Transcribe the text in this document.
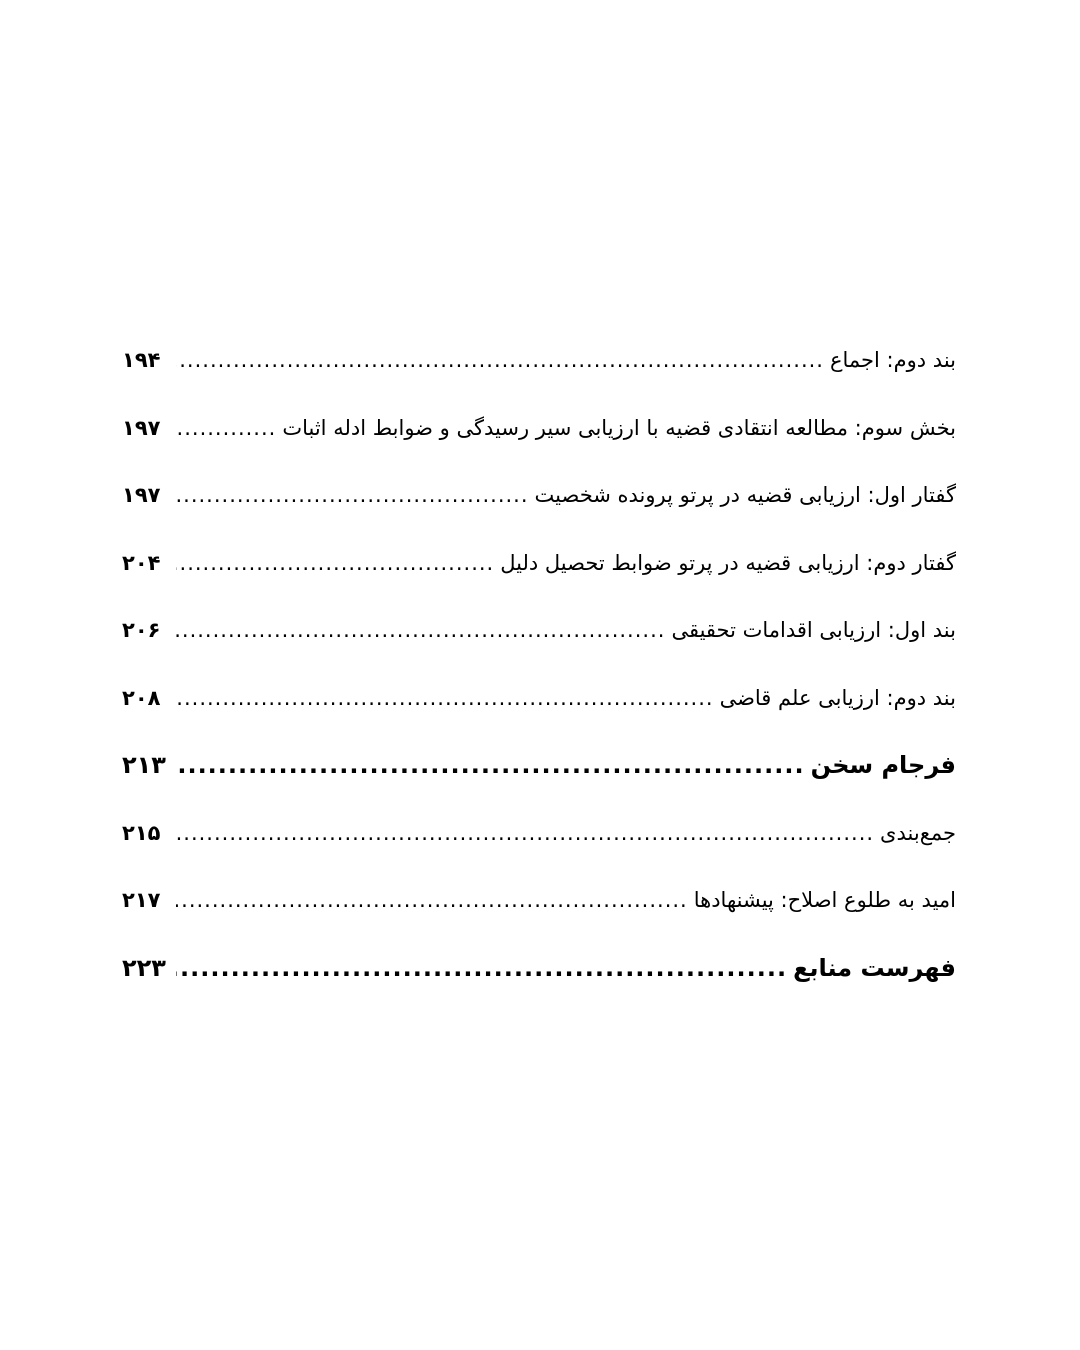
بند دوم: اجماع
.....
۱۹۴
بخش سوم: مطالعه انتقادی قضیه با ارزیابی سیر رسیدگی و ضوابط ادله اثبات
.....
۱۹۷
گفتار اول: ارزیابی قضیه در پرتو پرونده شخصیت
.....
۱۹۷
گفتار دوم: ارزیابی قضیه در پرتو ضوابط تحصیل دلیل
.....
۲۰۴
بند اول: ارزیابی اقدامات تحقیقی
.....
۲۰۶
بند دوم: ارزیابی علم قاضی
.....
۲۰۸
فرجام سخن
.....
۲۱۳
جمع‌بندی
.....
۲۱۵
امید به طلوع اصلاح: پیشنهادها
.....
۲۱۷
فهرست منابع
.....
۲۲۳
